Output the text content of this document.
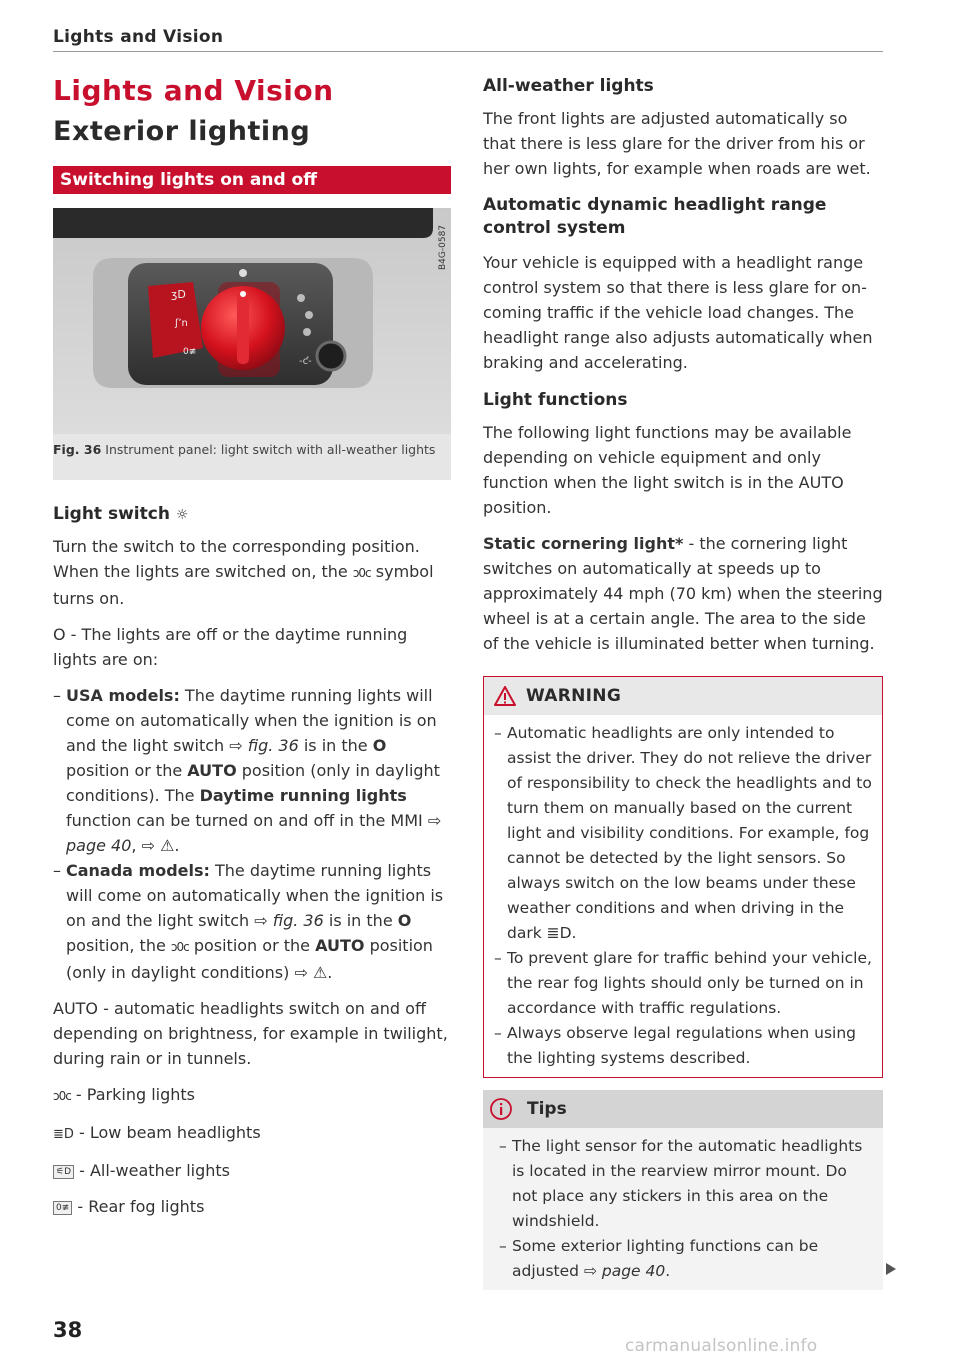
Lights and Vision
Lights and Vision
Exterior lighting
Switching lights on and off
-ƈ-
ʒD
ʃʼn
0≢
B4G-0587
Fig. 36 Instrument panel: light switch with all-weather lights
Light switch ☼

Turn the switch to the corresponding position. When the lights are switched on, the ᴐ0ᴄ symbol turns on.

O - The lights are off or the daytime running lights are on:

– USA models: The daytime running lights will come on automatically when the ignition is on and the light switch ⇨ fig. 36 is in the O position or the AUTO position (only in daylight conditions). The Daytime running lights function can be turned on and off in the MMI ⇨ page 40, ⇨ ⚠.
– Canada models: The daytime running lights will come on automatically when the ignition is on and the light switch ⇨ fig. 36 is in the O position, the ᴐ0ᴄ position or the AUTO position (only in daylight conditions) ⇨ ⚠.

AUTO - automatic headlights switch on and off depending on brightness, for example in twilight, during rain or in tunnels.

ᴐ0ᴄ - Parking lights

≣D - Low beam headlights

⚟D - All-weather lights

0≢ - Rear fog lights

All-weather lights

The front lights are adjusted automatically so that there is less glare for the driver from his or her own lights, for example when roads are wet.

Automatic dynamic headlight range control system

Your vehicle is equipped with a headlight range control system so that there is less glare for on-coming traffic if the vehicle load changes. The headlight range also adjusts automatically when braking and accelerating.

Light functions

The following light functions may be available depending on vehicle equipment and only function when the light switch is in the AUTO position.

Static cornering light* - the cornering light switches on automatically at speeds up to approximately 44 mph (70 km) when the steering wheel is at a certain angle. The area to the side of the vehicle is illuminated better when turning.

WARNING
– Automatic headlights are only intended to assist the driver. They do not relieve the driver of responsibility to check the headlights and to turn them on manually based on the current light and visibility conditions. For example, fog cannot be detected by the light sensors. So always switch on the low beams under these weather conditions and when driving in the dark ≣D.
– To prevent glare for traffic behind your vehicle, the rear fog lights should only be turned on in accordance with traffic regulations.
– Always observe legal regulations when using the lighting systems described.
Tips
– The light sensor for the automatic headlights is located in the rearview mirror mount. Do not place any stickers in this area on the windshield.
– Some exterior lighting functions can be adjusted ⇨ page 40.
38
carmanualsonline.info
